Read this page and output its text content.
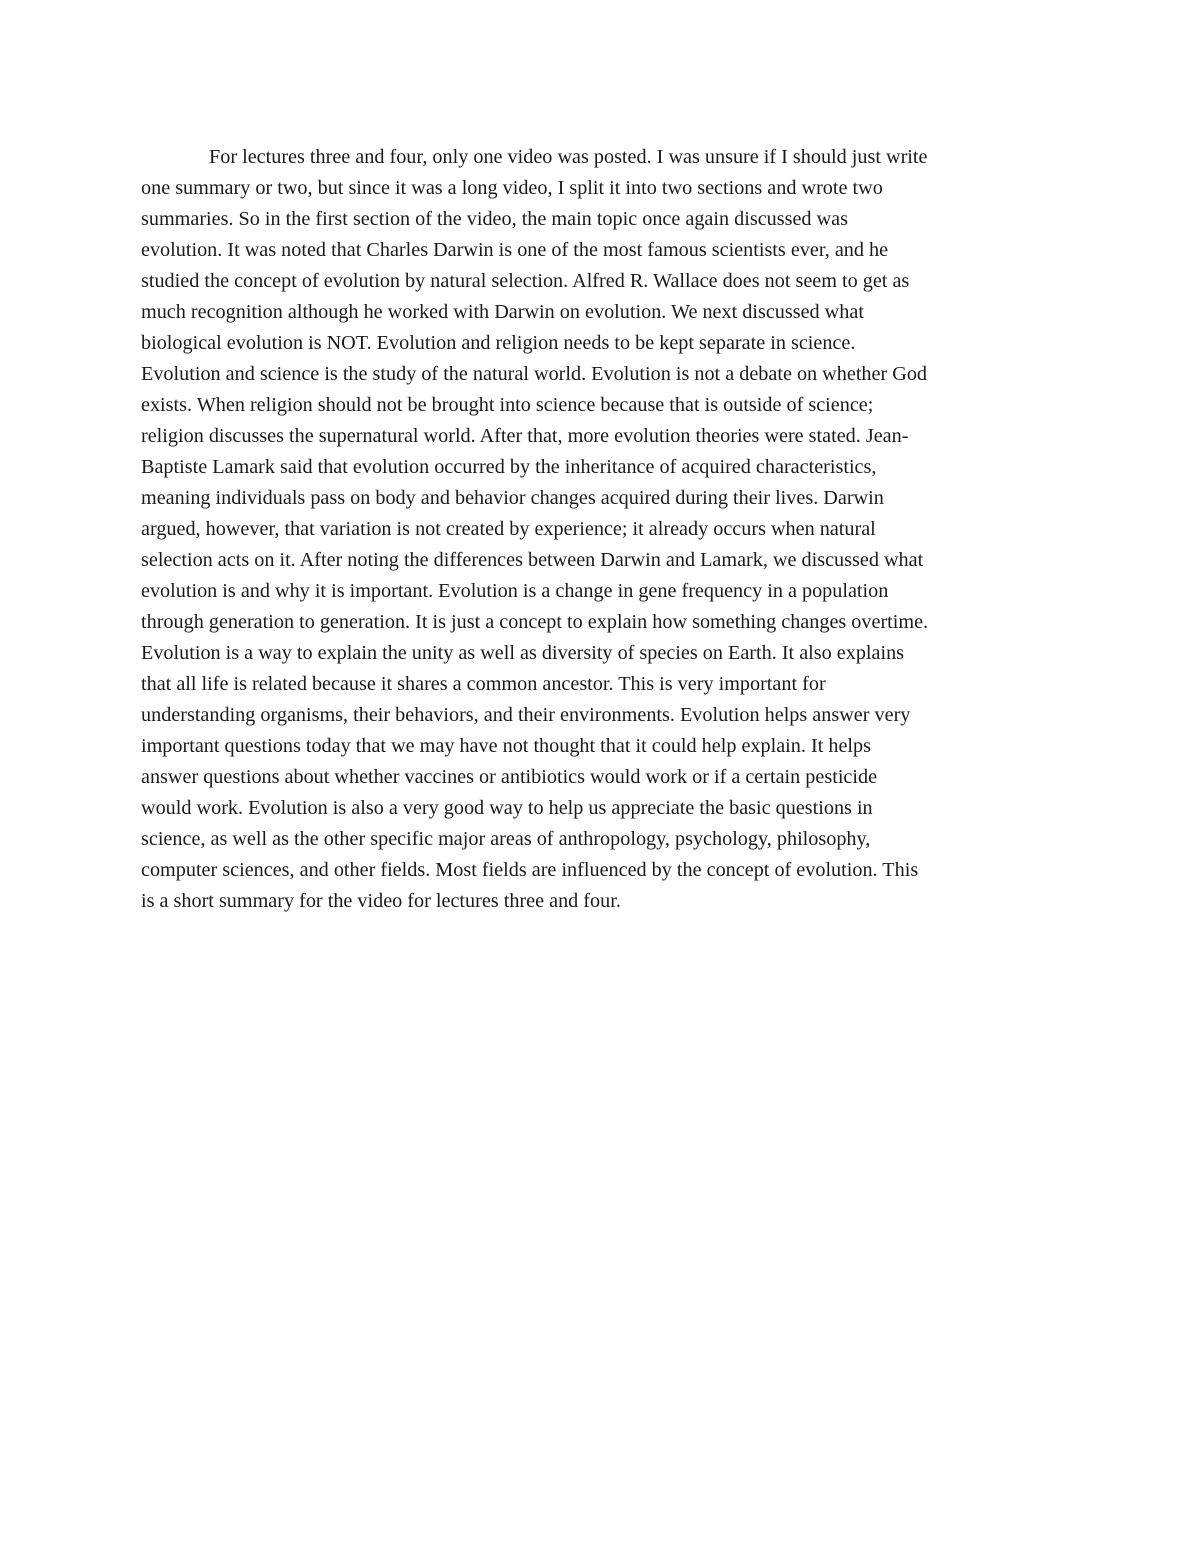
For lectures three and four, only one video was posted. I was unsure if I should just write
one summary or two, but since it was a long video, I split it into two sections and wrote two
summaries. So in the first section of the video, the main topic once again discussed was
evolution. It was noted that Charles Darwin is one of the most famous scientists ever, and he
studied the concept of evolution by natural selection. Alfred R. Wallace does not seem to get as
much recognition although he worked with Darwin on evolution. We next discussed what
biological evolution is NOT. Evolution and religion needs to be kept separate in science.
Evolution and science is the study of the natural world. Evolution is not a debate on whether God
exists. When religion should not be brought into science because that is outside of science;
religion discusses the supernatural world. After that, more evolution theories were stated. Jean-
Baptiste Lamark said that evolution occurred by the inheritance of acquired characteristics,
meaning individuals pass on body and behavior changes acquired during their lives. Darwin
argued, however, that variation is not created by experience; it already occurs when natural
selection acts on it. After noting the differences between Darwin and Lamark, we discussed what
evolution is and why it is important. Evolution is a change in gene frequency in a population
through generation to generation. It is just a concept to explain how something changes overtime.
Evolution is a way to explain the unity as well as diversity of species on Earth. It also explains
that all life is related because it shares a common ancestor. This is very important for
understanding organisms, their behaviors, and their environments. Evolution helps answer very
important questions today that we may have not thought that it could help explain. It helps
answer questions about whether vaccines or antibiotics would work or if a certain pesticide
would work. Evolution is also a very good way to help us appreciate the basic questions in
science, as well as the other specific major areas of anthropology, psychology, philosophy,
computer sciences, and other fields. Most fields are influenced by the concept of evolution. This
is a short summary for the video for lectures three and four.
